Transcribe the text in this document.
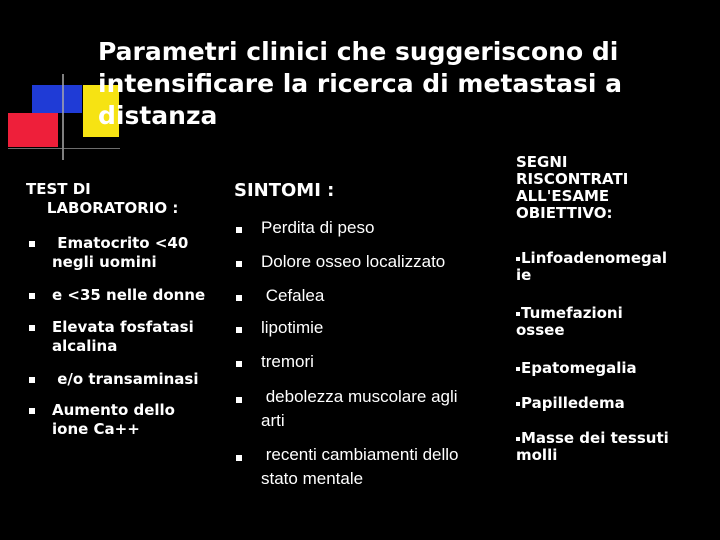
Parametri clinici che suggeriscono di
intensificare la ricerca di metastasi a
distanza
TEST DI
LABORATORIO :
SINTOMI :
SEGNI
RISCONTRATI
ALL'ESAME
OBIETTIVO:
Ematocrito <40
negli uomini
e <35 nelle donne
Elevata fosfatasi
alcalina
e/o transaminasi
Aumento dello
ione Ca++
Perdita di peso
Dolore osseo localizzato
Cefalea
lipotimie
tremori
debolezza muscolare agli
arti
recenti cambiamenti dello
stato mentale
Linfoadenomegal
ie
Tumefazioni
ossee
Epatomegalia
Papilledema
Masse dei tessuti
molli
